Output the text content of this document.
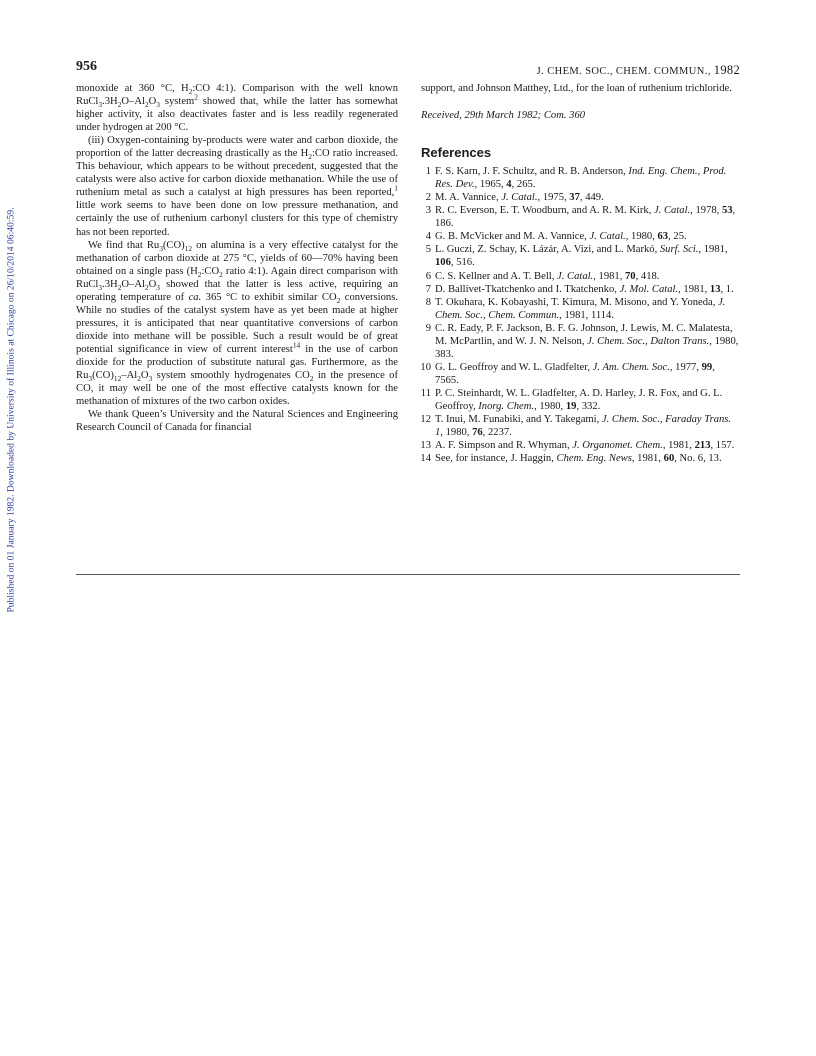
Published on 01 January 1982. Downloaded by University of Illinois at Chicago on 26/10/2014 06:40:59.
956	J. CHEM. SOC., CHEM. COMMUN., 1982

monoxide at 360 °C, $H_2:CO$ 4:1). Comparison with the well known $RuCl_3.3H_2O-Al_2O_3$ system$^2$ showed that, while the latter has somewhat higher activity, it also deactivates faster and is less readily regenerated under hydrogen at 200 °C.

(iii) Oxygen-containing by-products were water and carbon dioxide, the proportion of the latter decreasing drastically as the $H_2:CO$ ratio increased. This behaviour, which appears to be without precedent, suggested that the catalysts were also active for carbon dioxide methanation. While the use of ruthenium metal as such a catalyst at high pressures has been reported,$^1$ little work seems to have been done on low pressure methanation, and certainly the use of ruthenium carbonyl clusters for this type of chemistry has not been reported.

We find that $Ru_3(CO)_{12}$ on alumina is a very effective catalyst for the methanation of carbon dioxide at 275 °C, yields of 60—70% having been obtained on a single pass ($H_2:CO_2$ ratio 4:1). Again direct comparison with $RuCl_3.3H_2O-Al_2O_3$ showed that the latter is less active, requiring an operating temperature of ca. 365 °C to exhibit similar $CO_2$ conversions. While no studies of the catalyst system have as yet been made at higher pressures, it is anticipated that near quantitative conversions of carbon dioxide into methane will be possible. Such a result would be of great potential significance in view of current interest$^{14}$ in the use of carbon dioxide for the production of substitute natural gas. Furthermore, as the $Ru_3(CO)_{12}-Al_2O_3$ system smoothly hydrogenates $CO_2$ in the presence of CO, it may well be one of the most effective catalysts known for the methanation of mixtures of the two carbon oxides.

We thank Queen’s University and the Natural Sciences and Engineering Research Council of Canada for financial

support, and Johnson Matthey, Ltd., for the loan of ruthenium trichloride.

Received, 29th March 1982; Com. 360

References

1 F. S. Karn, J. F. Schultz, and R. B. Anderson, Ind. Eng. Chem., Prod. Res. Dev., 1965, 4, 265.

2 M. A. Vannice, J. Catal., 1975, 37, 449.

3 R. C. Everson, E. T. Woodburn, and A. R. M. Kirk, J. Catal., 1978, 53, 186.

4 G. B. McVicker and M. A. Vannice, J. Catal., 1980, 63, 25.

5 L. Guczi, Z. Schay, K. Lázár, A. Vizi, and L. Markó, Surf. Sci., 1981, 106, 516.

6 C. S. Kellner and A. T. Bell, J. Catal., 1981, 70, 418.

7 D. Ballivet-Tkatchenko and I. Tkatchenko, J. Mol. Catal., 1981, 13, 1.

8 T. Okuhara, K. Kobayashi, T. Kimura, M. Misono, and Y. Yoneda, J. Chem. Soc., Chem. Commun., 1981, 1114.

9 C. R. Eady, P. F. Jackson, B. F. G. Johnson, J. Lewis, M. C. Malatesta, M. McPartlin, and W. J. N. Nelson, J. Chem. Soc., Dalton Trans., 1980, 383.

10 G. L. Geoffroy and W. L. Gladfelter, J. Am. Chem. Soc., 1977, 99, 7565.

11 P. C. Steinhardt, W. L. Gladfelter, A. D. Harley, J. R. Fox, and G. L. Geoffroy, Inorg. Chem., 1980, 19, 332.

12 T. Inui, M. Funabiki, and Y. Takegami, J. Chem. Soc., Faraday Trans. 1, 1980, 76, 2237.

13 A. F. Simpson and R. Whyman, J. Organomet. Chem., 1981, 213, 157.

14 See, for instance, J. Haggin, Chem. Eng. News, 1981, 60, No. 6, 13.
